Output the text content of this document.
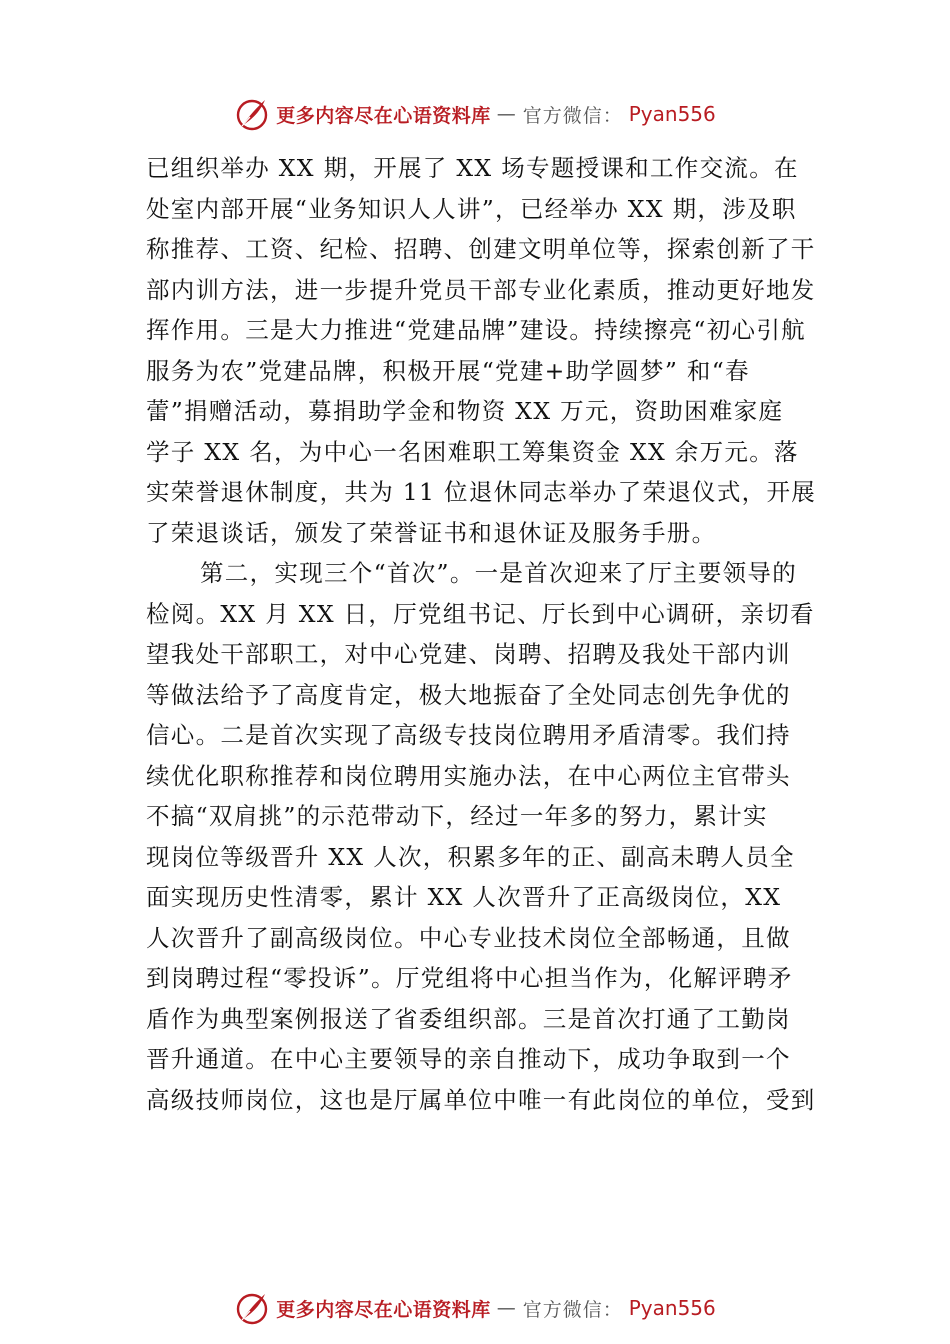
更多内容尽在心语资料库 — 官方微信： Pyan556
已组织举办 XX 期，开展了 XX 场专题授课和工作交流。在
处室内部开展“业务知识人人讲”，已经举办 XX 期，涉及职
称推荐、工资、纪检、招聘、创建文明单位等，探索创新了干
部内训方法，进一步提升党员干部专业化素质，推动更好地发
挥作用。三是大力推进“党建品牌”建设。持续擦亮“初心引航
服务为农”党建品牌，积极开展“党建+助学圆梦” 和“春
蕾”捐赠活动，募捐助学金和物资 XX 万元，资助困难家庭
学子 XX 名，为中心一名困难职工筹集资金 XX 余万元。落
实荣誉退休制度，共为 11 位退休同志举办了荣退仪式，开展
了荣退谈话，颁发了荣誉证书和退休证及服务手册。
第二，实现三个“首次”。一是首次迎来了厅主要领导的
检阅。XX 月 XX 日，厅党组书记、厅长到中心调研，亲切看
望我处干部职工，对中心党建、岗聘、招聘及我处干部内训
等做法给予了高度肯定，极大地振奋了全处同志创先争优的
信心。二是首次实现了高级专技岗位聘用矛盾清零。我们持
续优化职称推荐和岗位聘用实施办法，在中心两位主官带头
不搞“双肩挑”的示范带动下，经过一年多的努力，累计实
现岗位等级晋升 XX 人次，积累多年的正、副高未聘人员全
面实现历史性清零，累计 XX 人次晋升了正高级岗位，XX
人次晋升了副高级岗位。中心专业技术岗位全部畅通，且做
到岗聘过程“零投诉”。厅党组将中心担当作为，化解评聘矛
盾作为典型案例报送了省委组织部。三是首次打通了工勤岗
晋升通道。在中心主要领导的亲自推动下，成功争取到一个
高级技师岗位，这也是厅属单位中唯一有此岗位的单位，受到
更多内容尽在心语资料库 — 官方微信： Pyan556
